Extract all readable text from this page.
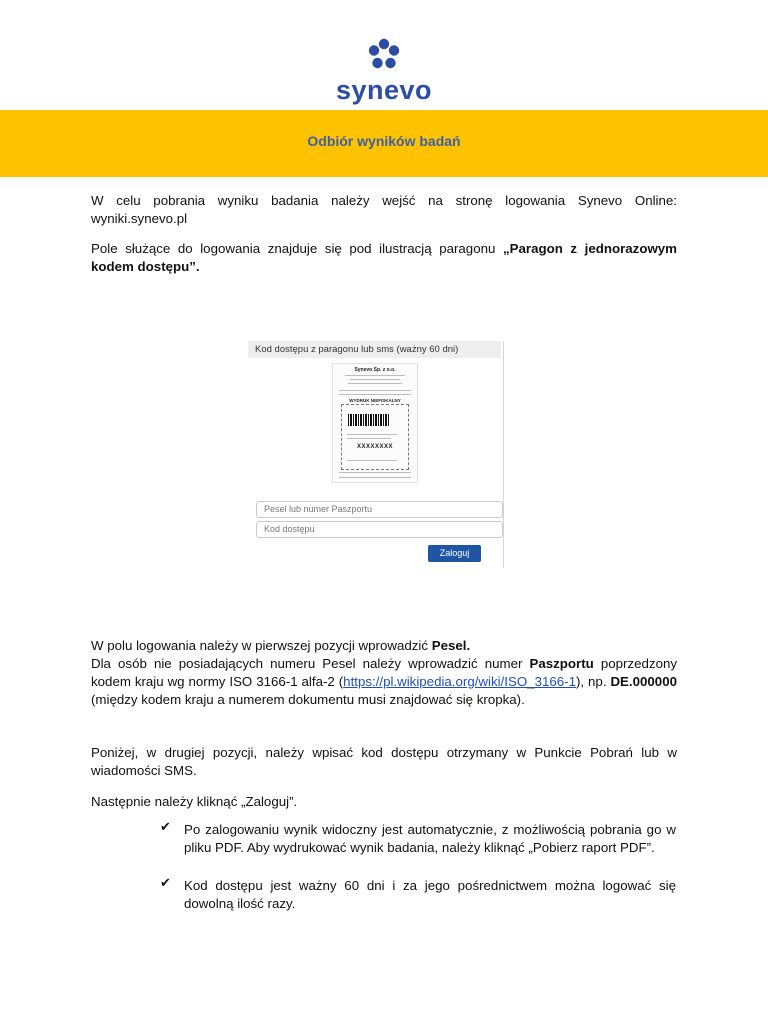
synevo
Odbiór wyników badań
W celu pobrania wyniku badania należy wejść na stronę logowania Synevo Online: wyniki.synevo.pl
Pole służące do logowania znajduje się pod ilustracją paragonu „Paragon z jednorazowym kodem dostępu”.
Kod dostępu z paragonu lub sms (ważny 60 dni)
Synevo Sp. z o.o.
WYDRUK NIEFISKALNY
XXXXXXXX
Pesel lub numer Paszportu
Kod dostępu
Zaloguj
W polu logowania należy w pierwszej pozycji wprowadzić Pesel.
Dla osób nie posiadających numeru Pesel należy wprowadzić numer Paszportu poprzedzony kodem kraju wg normy ISO 3166-1 alfa-2 (https://pl.wikipedia.org/wiki/ISO_3166-1), np. DE.000000 (między kodem kraju a numerem dokumentu musi znajdować się kropka).
Poniżej, w drugiej pozycji, należy wpisać kod dostępu otrzymany w Punkcie Pobrań lub w wiadomości SMS.
Następnie należy kliknąć „Zaloguj”.
✔ Po zalogowaniu wynik widoczny jest automatycznie, z możliwością pobrania go w pliku PDF. Aby wydrukować wynik badania, należy kliknąć „Pobierz raport PDF”.
✔ Kod dostępu jest ważny 60 dni i za jego pośrednictwem można logować się dowolną ilość razy.
